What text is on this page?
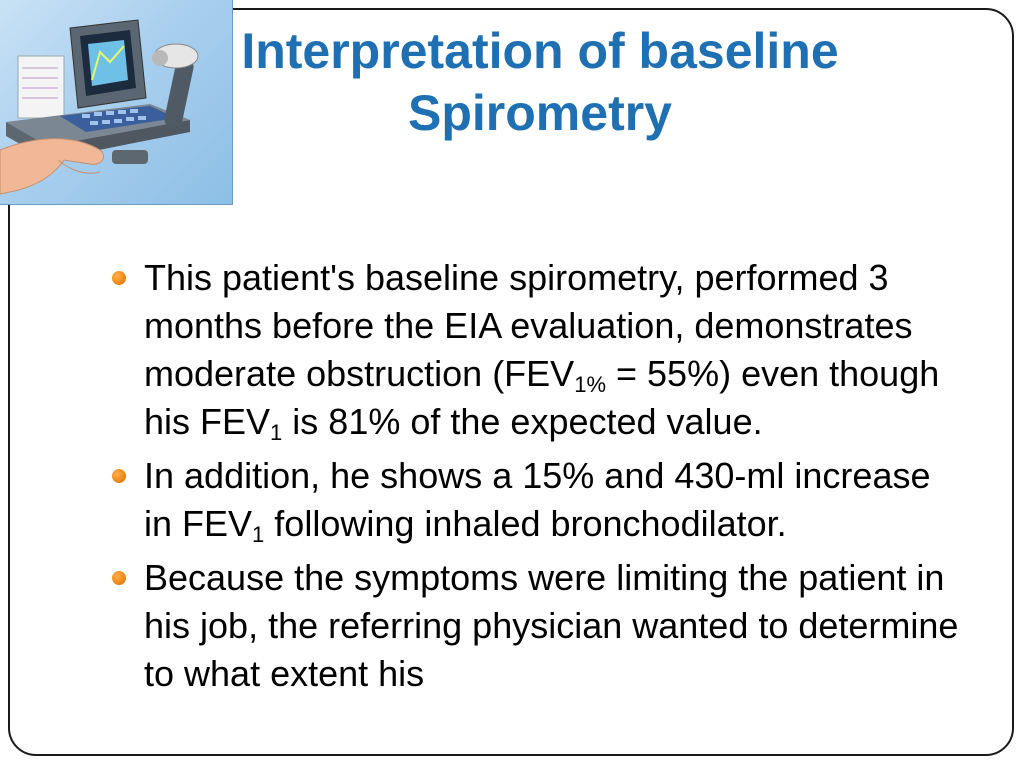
Interpretation of baseline
Spirometry
This patient's baseline spirometry, performed 3 months before the EIA evaluation, demonstrates moderate obstruction $(FEV_{1\%} = 55\%)$ even though his $FEV_1$ is 81% of the expected value.
In addition, he shows a 15% and 430-ml increase in $FEV_1$ following inhaled bronchodilator.
Because the symptoms were limiting the patient in his job, the referring physician wanted to determine to what extent his
